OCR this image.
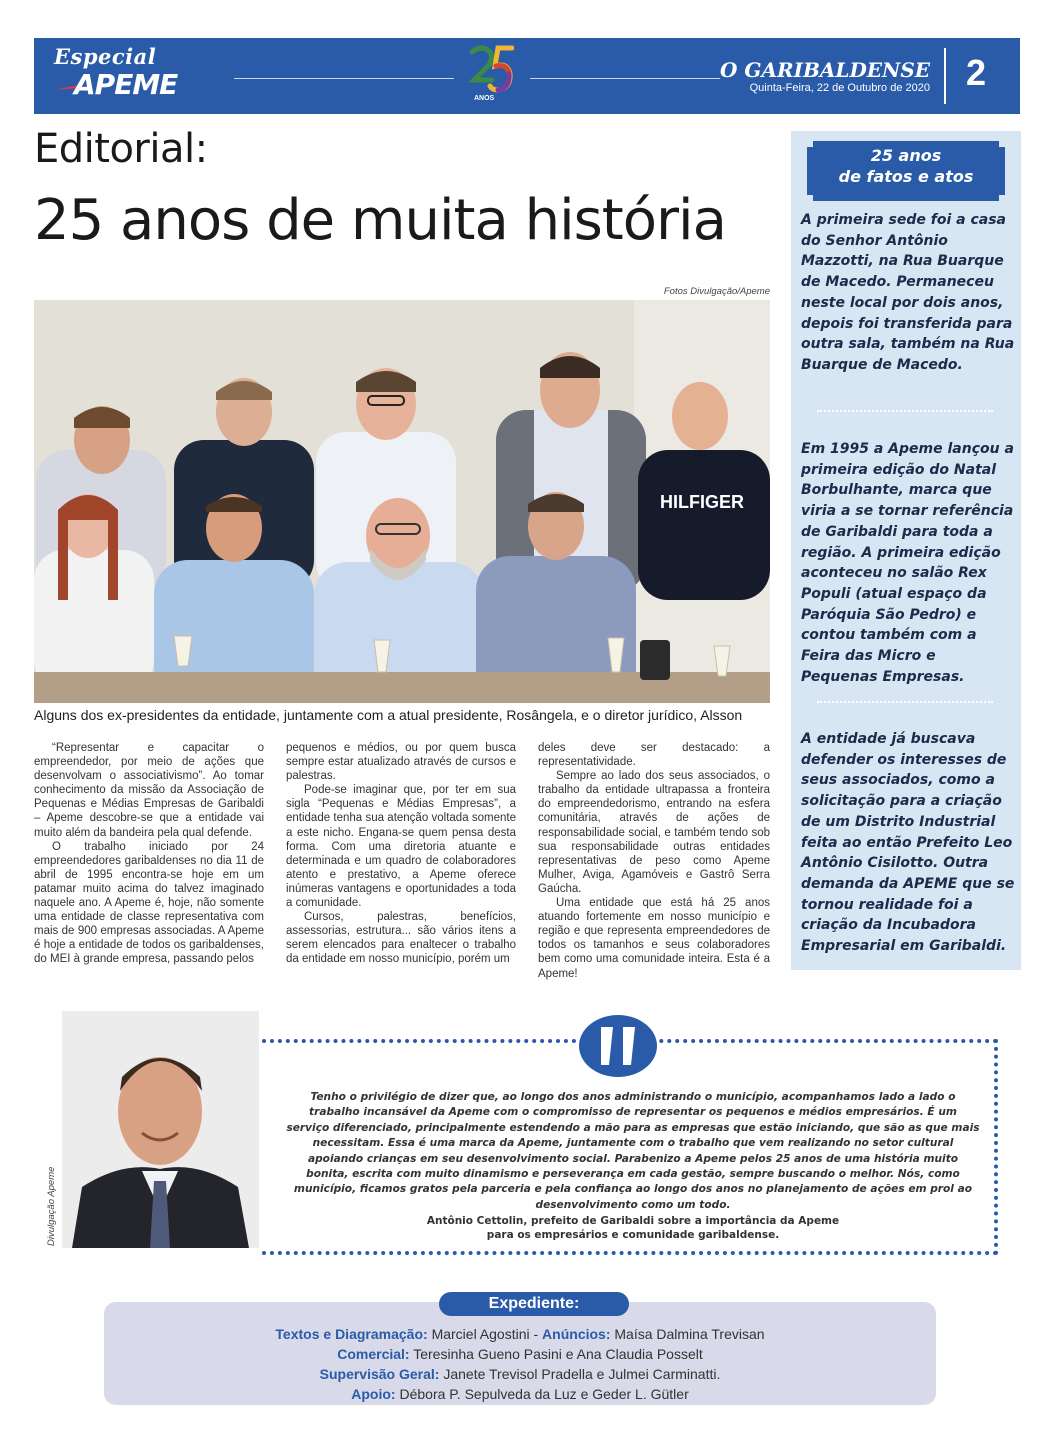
Especial
APEME	ANOS
O GARIBALDENSE
Quinta-Feira, 22 de Outubro de 2020 2
Editorial:
25 anos de muita história
Fotos Divulgação/Apeme
HILFIGER
Alguns dos ex-presidentes da entidade, juntamente com a atual presidente, Rosângela, e o diretor jurídico, Alsson

“Representar e capacitar o empreendedor, por meio de ações que desenvolvam o associativismo”. Ao tomar conhecimento da missão da Associação de Pequenas e Médias Empresas de Garibaldi – Apeme descobre-se que a entidade vai muito além da bandeira pela qual defende.

O trabalho iniciado por 24 empreendedores garibaldenses no dia 11 de abril de 1995 encontra-se hoje em um patamar muito acima do talvez imaginado naquele ano. A Apeme é, hoje, não somente uma entidade de classe representativa com mais de 900 empresas associadas. A Apeme é hoje a entidade de todos os garibaldenses, do MEI à grande empresa, passando pelos

pequenos e médios, ou por quem busca sempre estar atualizado através de cursos e palestras.

Pode-se imaginar que, por ter em sua sigla “Pequenas e Médias Empresas”, a entidade tenha sua atenção voltada somente a este nicho. Engana-se quem pensa desta forma. Com uma diretoria atuante e determinada e um quadro de colaboradores atento e prestativo, a Apeme oferece inúmeras vantagens e oportunidades a toda a comunidade.

Cursos, palestras, benefícios, assessorias, estrutura... são vários itens a serem elencados para enaltecer o trabalho da entidade em nosso município, porém um

deles deve ser destacado: a representatividade.

Sempre ao lado dos seus associados, o trabalho da entidade ultrapassa a fronteira do empreendedorismo, entrando na esfera comunitária, através de ações de responsabilidade social, e também tendo sob sua responsabilidade outras entidades representativas de peso como Apeme Mulher, Aviga, Agamóveis e Gastrô Serra Gaúcha.

Uma entidade que está há 25 anos atuando fortemente em nosso município e região e que representa empreendedores de todos os tamanhos e seus colaboradores bem como uma comunidade inteira. Esta é a Apeme!

25 anos
de fatos e atos
A primeira sede foi a casa do Senhor Antônio Mazzotti, na Rua Buarque de Macedo. Permaneceu neste local por dois anos, depois foi transferida para outra sala, também na Rua Buarque de Macedo.
Em 1995 a Apeme lançou a primeira edição do Natal Borbulhante, marca que viria a se tornar referência de Garibaldi para toda a região. A primeira edição aconteceu no salão Rex Populi (atual espaço da Paróquia São Pedro) e contou também com a Feira das Micro e Pequenas Empresas.
A entidade já buscava defender os interesses de seus associados, como a solicitação para a criação de um Distrito Industrial feita ao então Prefeito Leo Antônio Cisilotto. Outra demanda da APEME que se tornou realidade foi a criação da Incubadora Empresarial em Garibaldi.
Divulgação Apeme
Tenho o privilégio de dizer que, ao longo dos anos administrando o município, acompanhamos lado a lado o trabalho incansável da Apeme com o compromisso de representar os pequenos e médios empresários. É um serviço diferenciado, principalmente estendendo a mão para as empresas que estão iniciando, que são as que mais necessitam. Essa é uma marca da Apeme, juntamente com o trabalho que vem realizando no setor cultural apoiando crianças em seu desenvolvimento social. Parabenizo a Apeme pelos 25 anos de uma história muito bonita, escrita com muito dinamismo e perseverança em cada gestão, sempre buscando o melhor. Nós, como município, ficamos gratos pela parceria e pela confiança ao longo dos anos no planejamento de ações em prol ao desenvolvimento como um todo.
Antônio Cettolin, prefeito de Garibaldi sobre a importância da Apeme
para os empresários e comunidade garibaldense.
Expediente:
Textos e Diagramação: Marciel Agostini - Anúncios: Maísa Dalmina Trevisan
Comercial: Teresinha Gueno Pasini e Ana Claudia Posselt
Supervisão Geral: Janete Trevisol Pradella e Julmei Carminatti.
Apoio: Débora P. Sepulveda da Luz e Geder L. Gütler
